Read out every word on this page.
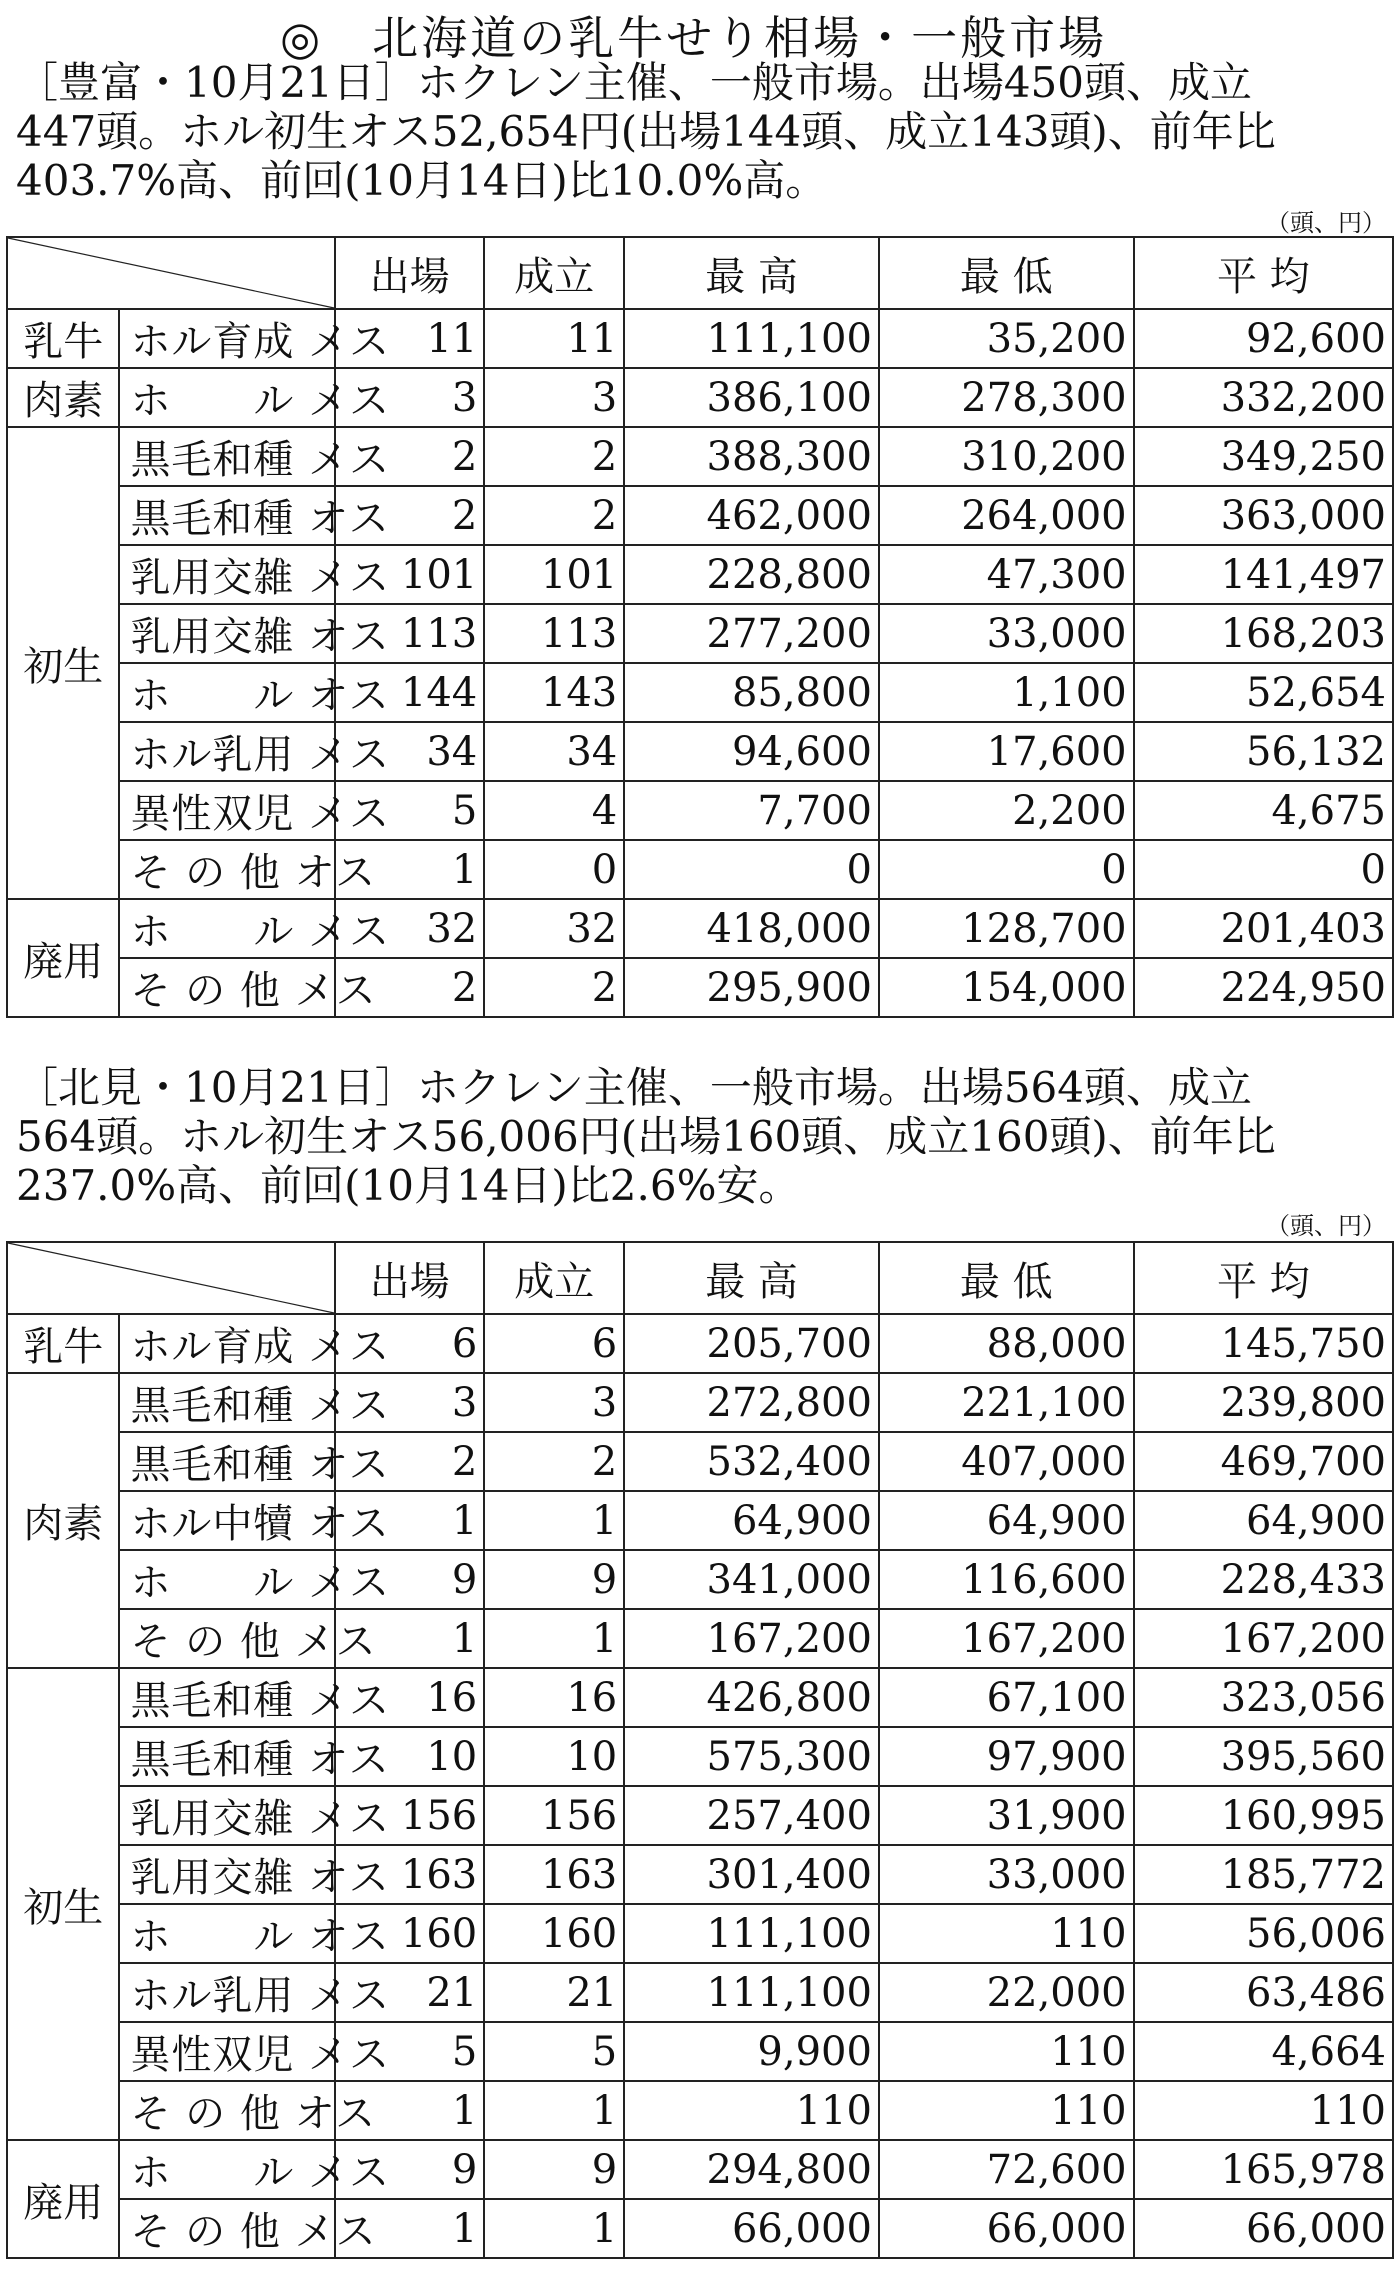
◎　北海道の乳牛せり相場・一般市場
［豊富・10月21日］ホクレン主催、一般市場。出場450頭、成立
447頭。ホル初生オス52,654円(出場144頭、成立143頭)、前年比
403.7%高、前回(10月14日)比10.0%高。
（頭、円）
	出場	成立	最 高	最 低	平 均
乳牛	ホル育成 メス	11	11	111,100	35,200	92,600
肉素	ホ　　ル メス	3	3	386,100	278,300	332,200
初生	黒毛和種 メス	2	2	388,300	310,200	349,250
	黒毛和種 オス	2	2	462,000	264,000	363,000
	乳用交雑 メス	101	101	228,800	47,300	141,497
	乳用交雑 オス	113	113	277,200	33,000	168,203
	ホ　　ル オス	144	143	85,800	1,100	52,654
	ホル乳用 メス	34	34	94,600	17,600	56,132
	異性双児 メス	5	4	7,700	2,200	4,675
	そ の 他 オス	1	0	0	0	0
廃用	ホ　　ル メス	32	32	418,000	128,700	201,403
	そ の 他 メス	2	2	295,900	154,000	224,950
［北見・10月21日］ホクレン主催、一般市場。出場564頭、成立
564頭。ホル初生オス56,006円(出場160頭、成立160頭)、前年比
237.0%高、前回(10月14日)比2.6%安。
（頭、円）
	出場	成立	最 高	最 低	平 均
乳牛	ホル育成 メス	6	6	205,700	88,000	145,750
肉素	黒毛和種 メス	3	3	272,800	221,100	239,800
	黒毛和種 オス	2	2	532,400	407,000	469,700
	ホル中犢 オス	1	1	64,900	64,900	64,900
	ホ　　ル メス	9	9	341,000	116,600	228,433
	そ の 他 メス	1	1	167,200	167,200	167,200
初生	黒毛和種 メス	16	16	426,800	67,100	323,056
	黒毛和種 オス	10	10	575,300	97,900	395,560
	乳用交雑 メス	156	156	257,400	31,900	160,995
	乳用交雑 オス	163	163	301,400	33,000	185,772
	ホ　　ル オス	160	160	111,100	110	56,006
	ホル乳用 メス	21	21	111,100	22,000	63,486
	異性双児 メス	5	5	9,900	110	4,664
	そ の 他 オス	1	1	110	110	110
廃用	ホ　　ル メス	9	9	294,800	72,600	165,978
	そ の 他 メス	1	1	66,000	66,000	66,000
